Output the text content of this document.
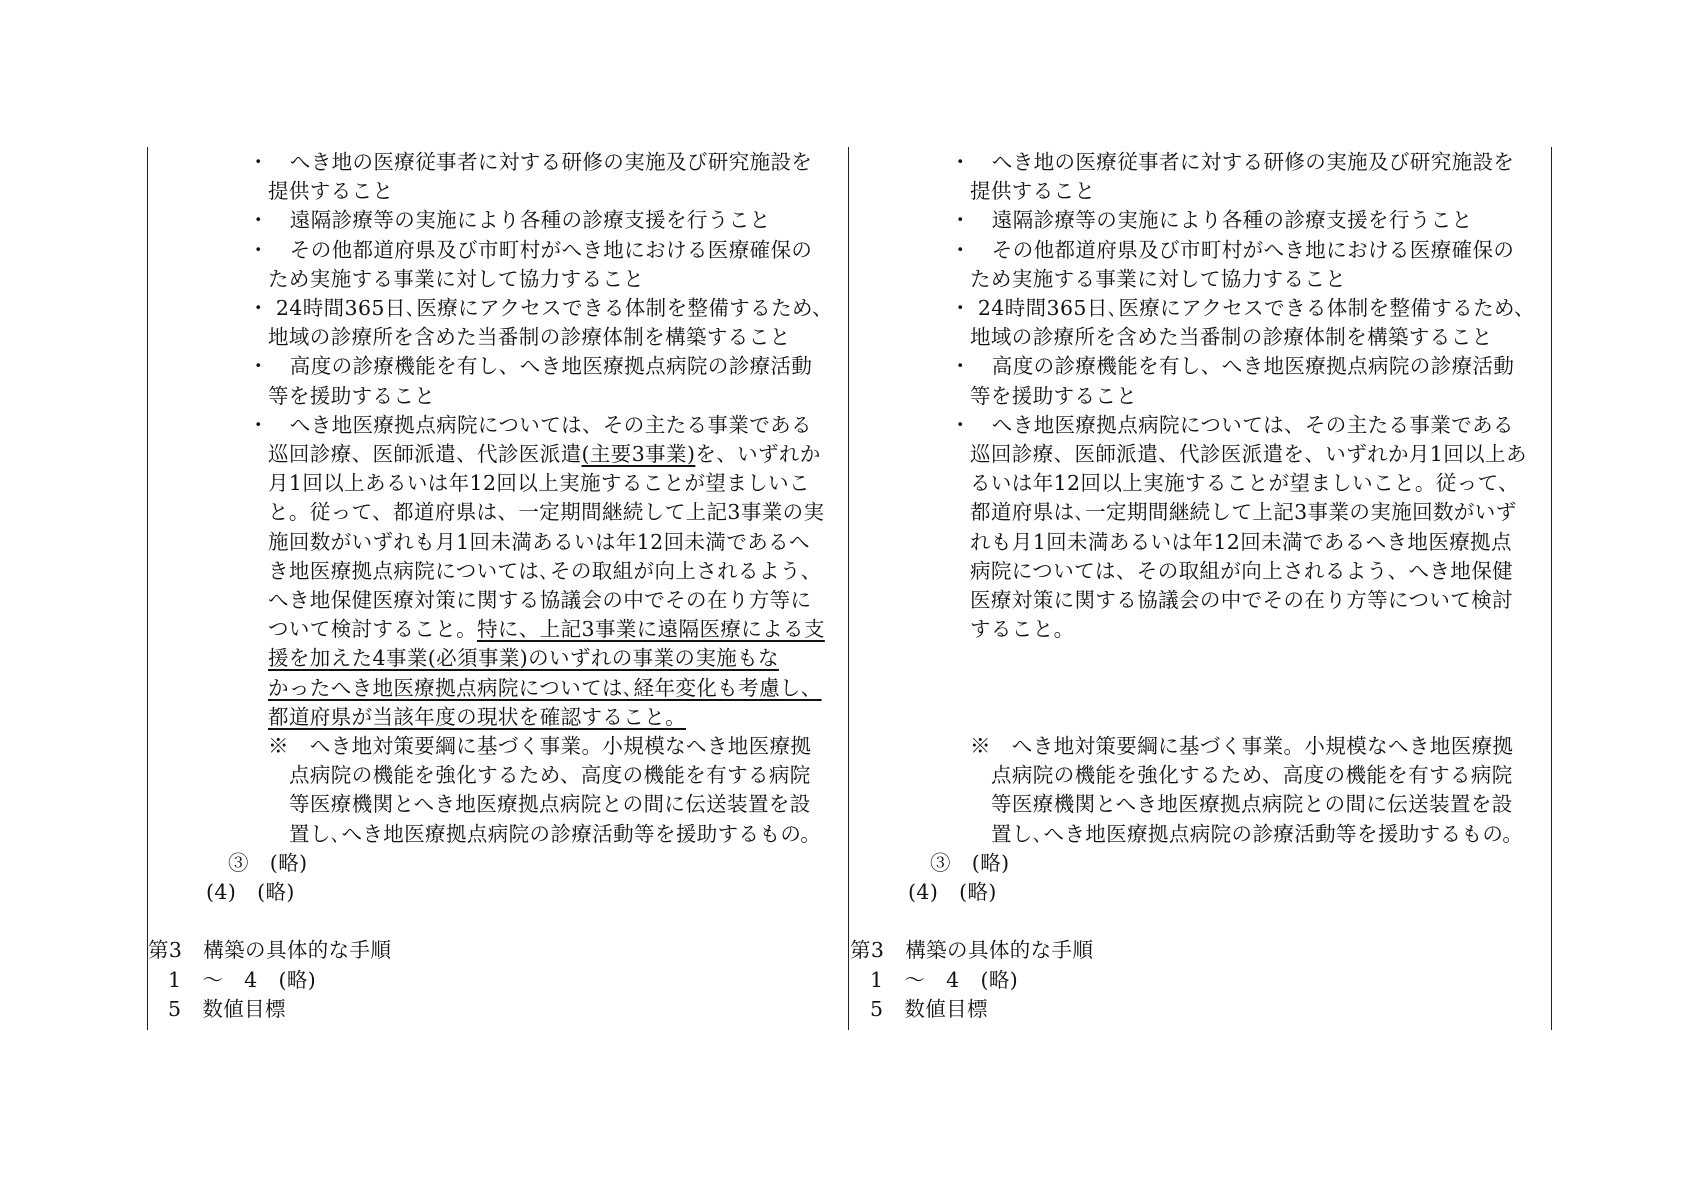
・　へき地の医療従事者に対する研修の実施及び研究施設を
提供すること
・　遠隔診療等の実施により各種の診療支援を行うこと
・　その他都道府県及び市町村がへき地における医療確保の
ため実施する事業に対して協力すること
・ 24時間365日､医療にアクセスできる体制を整備するため、
地域の診療所を含めた当番制の診療体制を構築すること
・　高度の診療機能を有し、へき地医療拠点病院の診療活動
等を援助すること
・　へき地医療拠点病院については、その主たる事業である
巡回診療、医師派遣、代診医派遣(主要3事業)を、いずれか
月1回以上あるいは年12回以上実施することが望ましいこ
と。従って、都道府県は、一定期間継続して上記3事業の実
施回数がいずれも月1回未満あるいは年12回未満であるへ
き地医療拠点病院については､その取組が向上されるよう、
へき地保健医療対策に関する協議会の中でその在り方等に
ついて検討すること。特に、上記3事業に遠隔医療による支
援を加えた4事業(必須事業)のいずれの事業の実施もな
かったへき地医療拠点病院については､経年変化も考慮し、
都道府県が当該年度の現状を確認すること。
※　へき地対策要綱に基づく事業。小規模なへき地医療拠
点病院の機能を強化するため、高度の機能を有する病院
等医療機関とへき地医療拠点病院との間に伝送装置を設
置し､へき地医療拠点病院の診療活動等を援助するもの。
③　(略)
(4)　(略)
第3　構築の具体的な手順
1　～　4　(略)
5　数値目標
・　へき地の医療従事者に対する研修の実施及び研究施設を
提供すること
・　遠隔診療等の実施により各種の診療支援を行うこと
・　その他都道府県及び市町村がへき地における医療確保の
ため実施する事業に対して協力すること
・ 24時間365日､医療にアクセスできる体制を整備するため、
地域の診療所を含めた当番制の診療体制を構築すること
・　高度の診療機能を有し、へき地医療拠点病院の診療活動
等を援助すること
・　へき地医療拠点病院については、その主たる事業である
巡回診療、医師派遣、代診医派遣を、いずれか月1回以上あ
るいは年12回以上実施することが望ましいこと。従って、
都道府県は､一定期間継続して上記3事業の実施回数がいず
れも月1回未満あるいは年12回未満であるへき地医療拠点
病院については、その取組が向上されるよう、へき地保健
医療対策に関する協議会の中でその在り方等について検討
すること。
※　へき地対策要綱に基づく事業。小規模なへき地医療拠
点病院の機能を強化するため、高度の機能を有する病院
等医療機関とへき地医療拠点病院との間に伝送装置を設
置し､へき地医療拠点病院の診療活動等を援助するもの。
③　(略)
(4)　(略)
第3　構築の具体的な手順
1　～　4　(略)
5　数値目標
